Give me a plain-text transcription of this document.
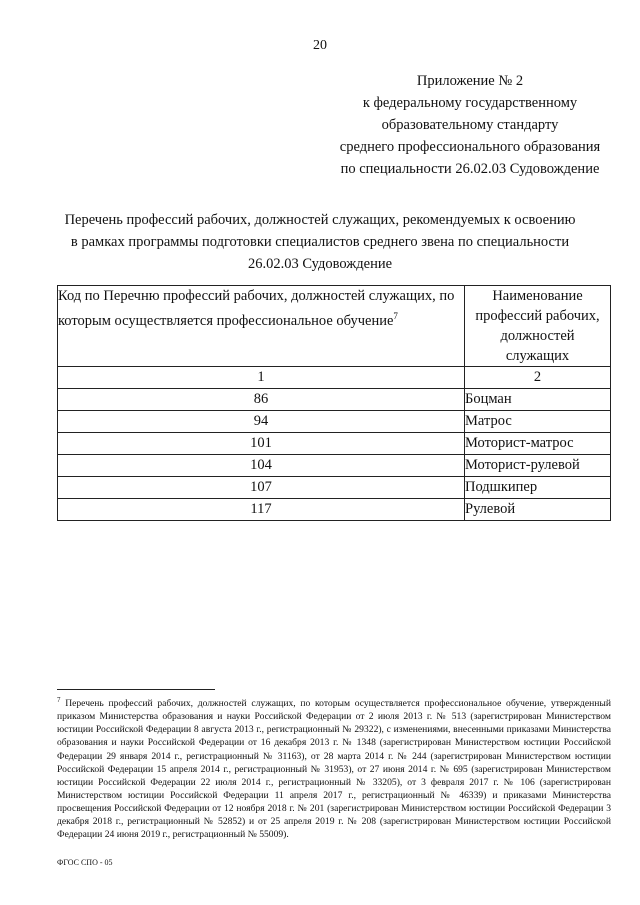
20
Приложение № 2
к федеральному государственному
образовательному стандарту
среднего профессионального образования
по специальности 26.02.03 Судовождение
Перечень профессий рабочих, должностей служащих, рекомендуемых к освоению
в рамках программы подготовки специалистов среднего звена по специальности
26.02.03 Судовождение
Код по Перечню профессий рабочих, должностей служащих, по которым осуществляется профессиональное обучение$^7$	Наименование
профессий рабочих,
должностей
служащих

1	2
86	Боцман
94	Матрос
101	Моторист-матрос
104	Моторист-рулевой
107	Подшкипер
117	Рулевой
$^7$ Перечень профессий рабочих, должностей служащих, по которым осуществляется профессиональное обучение, утвержденный приказом Министерства образования и науки Российской Федерации от 2 июля 2013 г. № 513 (зарегистрирован Министерством юстиции Российской Федерации 8 августа 2013 г., регистрационный № 29322), с изменениями, внесенными приказами Министерства образования и науки Российской Федерации от 16 декабря 2013 г. № 1348 (зарегистрирован Министерством юстиции Российской Федерации 29 января 2014 г., регистрационный № 31163), от 28 марта 2014 г. № 244 (зарегистрирован Министерством юстиции Российской Федерации 15 апреля 2014 г., регистрационный № 31953), от 27 июня 2014 г. № 695 (зарегистрирован Министерством юстиции Российской Федерации 22 июля 2014 г., регистрационный № 33205), от 3 февраля 2017 г. № 106 (зарегистрирован Министерством юстиции Российской Федерации 11 апреля 2017 г., регистрационный № 46339) и приказами Министерства просвещения Российской Федерации от 12 ноября 2018 г. № 201 (зарегистрирован Министерством юстиции Российской Федерации 3 декабря 2018 г., регистрационный № 52852) и от 25 апреля 2019 г. № 208 (зарегистрирован Министерством юстиции Российской Федерации 24 июня 2019 г., регистрационный № 55009).
ФГОС СПО - 05
